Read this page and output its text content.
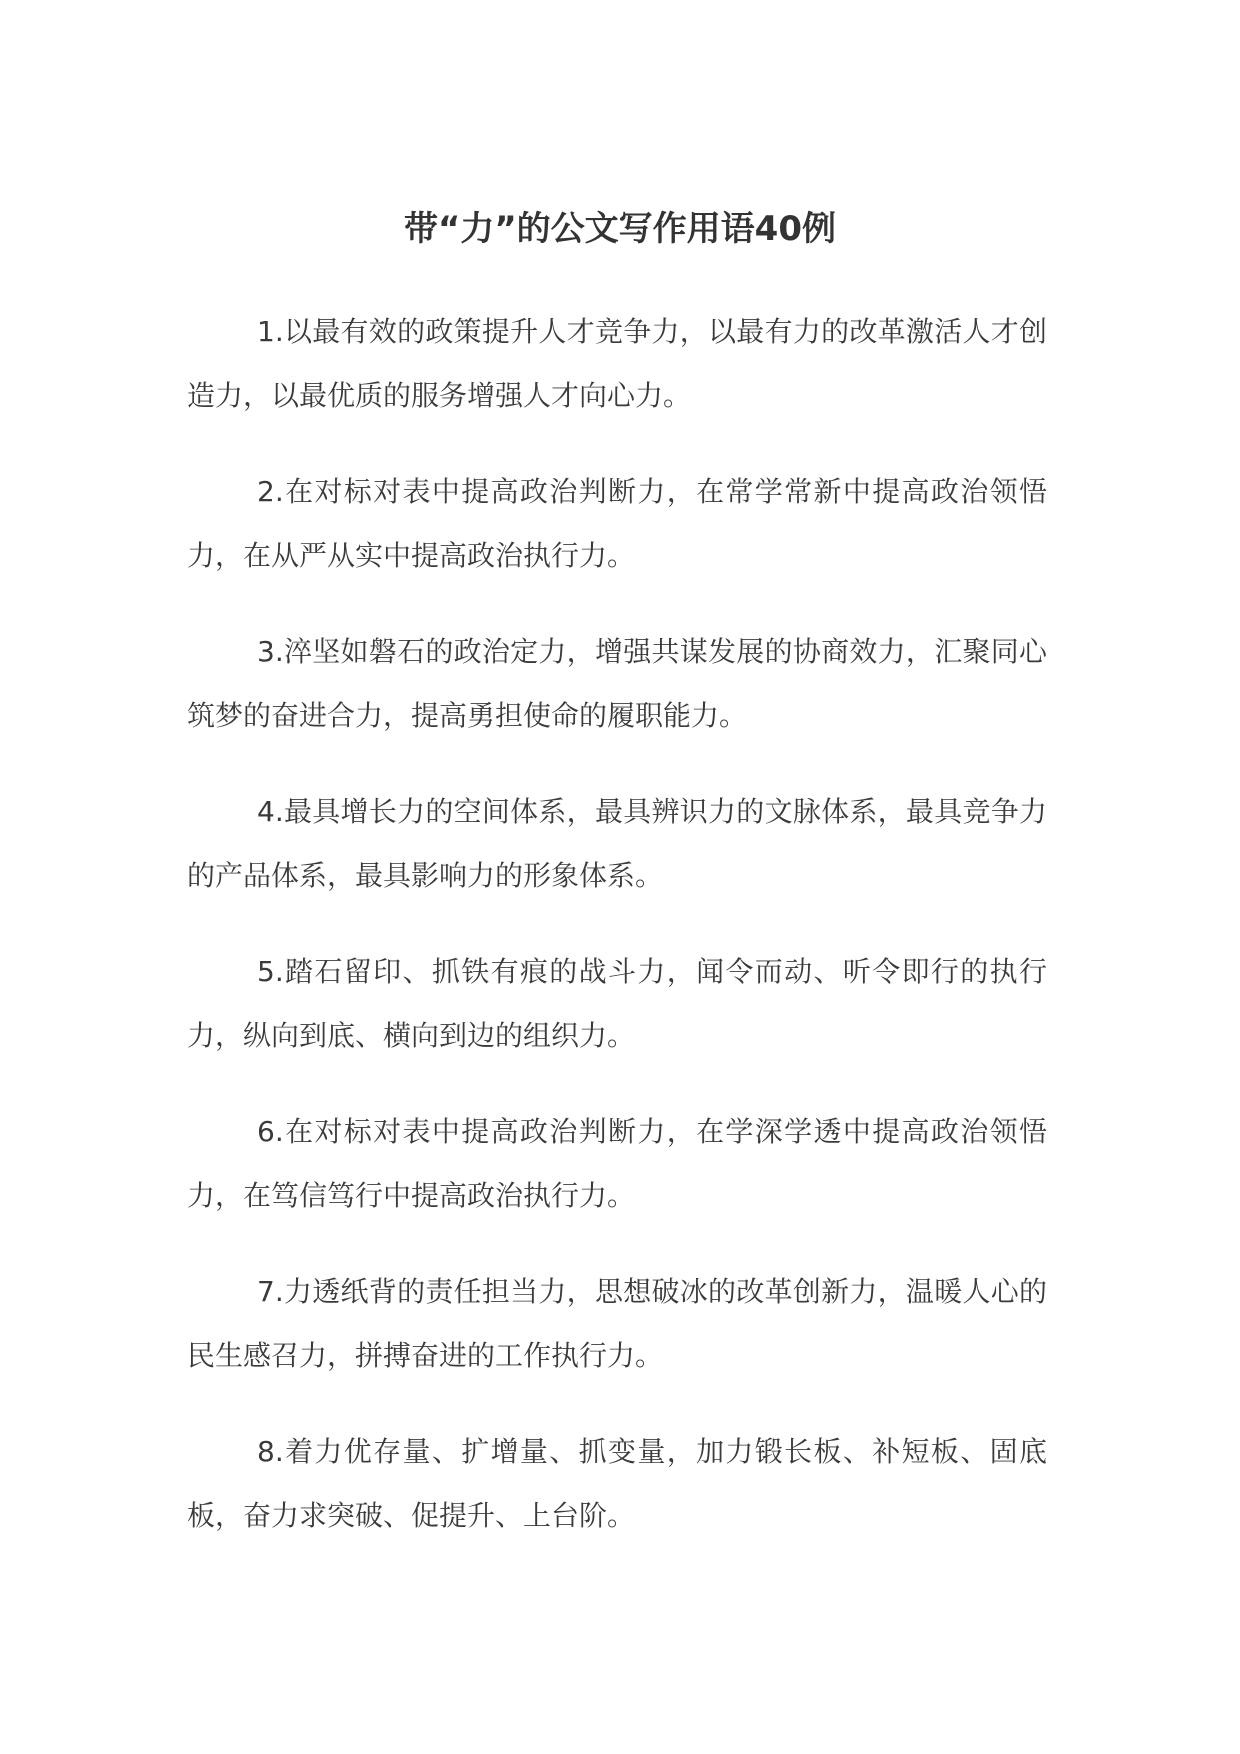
带“力”的公文写作用语40例

1.以最有效的政策提升人才竞争力，以最有力的改革激活人才创造力，以最优质的服务增强人才向心力。

2.在对标对表中提高政治判断力，在常学常新中提高政治领悟力，在从严从实中提高政治执行力。

3.淬坚如磐石的政治定力，增强共谋发展的协商效力，汇聚同心筑梦的奋进合力，提高勇担使命的履职能力。

4.最具增长力的空间体系，最具辨识力的文脉体系，最具竞争力的产品体系，最具影响力的形象体系。

5.踏石留印、抓铁有痕的战斗力，闻令而动、听令即行的执行力，纵向到底、横向到边的组织力。

6.在对标对表中提高政治判断力，在学深学透中提高政治领悟力，在笃信笃行中提高政治执行力。

7.力透纸背的责任担当力，思想破冰的改革创新力，温暖人心的民生感召力，拼搏奋进的工作执行力。

8.着力优存量、扩增量、抓变量，加力锻长板、补短板、固底板，奋力求突破、促提升、上台阶。
